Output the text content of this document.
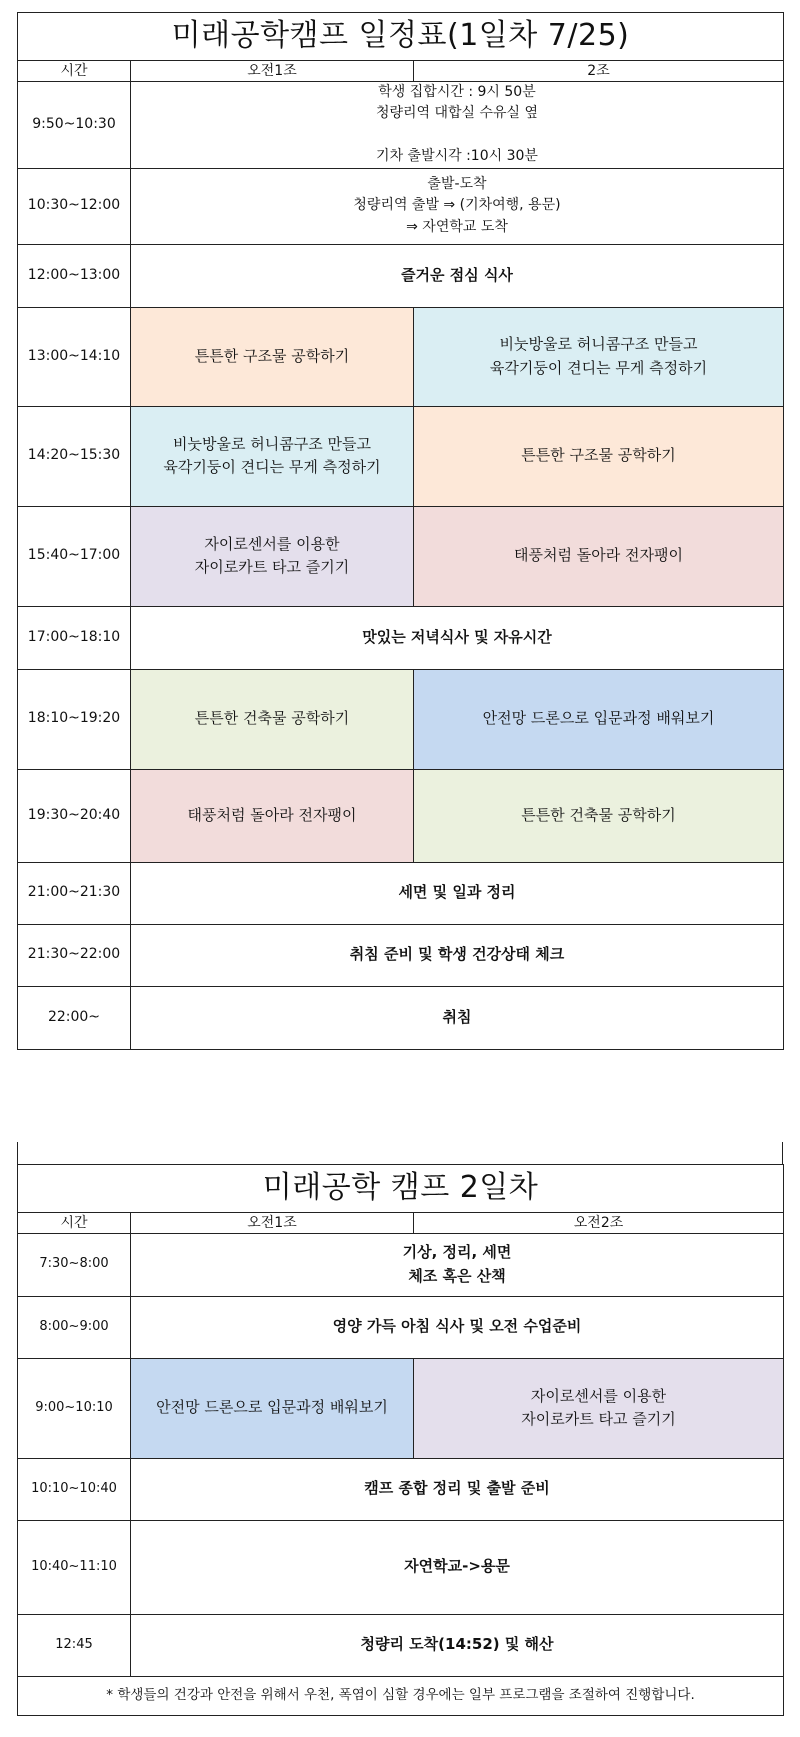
미래공학캠프 일정표(1일차 7/25)		
시간	오전1조	2조
9:50~10:30	학생 집합시간 : 9시 50분
청량리역 대합실 수유실 옆
기차 출발시각 :10시 30분	

10:30~12:00	출발-도착
청량리역 출발 ⇒ (기차여행, 용문)
⇒ 자연학교 도착	

12:00~13:00	즐거운 점심 식사	
13:00~14:10	튼튼한 구조물 공학하기	비눗방울로 허니콤구조 만들고
육각기둥이 견디는 무게 측정하기

14:20~15:30	비눗방울로 허니콤구조 만들고
육각기둥이 견디는 무게 측정하기	튼튼한 구조물 공학하기

15:40~17:00	자이로센서를 이용한
자이로카트 타고 즐기기	태풍처럼 돌아라 전자팽이

17:00~18:10	맛있는 저녁식사 및 자유시간	
18:10~19:20	튼튼한 건축물 공학하기	안전망 드론으로 입문과정 배워보기

19:30~20:40	태풍처럼 돌아라 전자팽이	튼튼한 건축물 공학하기

21:00~21:30	세면 및 일과 정리	
21:30~22:00	취침 준비 및 학생 건강상태 체크	
22:00~	취침	
미래공학 캠프 2일차		
시간	오전1조	오전2조
7:30~8:00	기상, 정리, 세면
체조 혹은 산책	

8:00~9:00	영양 가득 아침 식사 및 오전 수업준비	
9:00~10:10	안전망 드론으로 입문과정 배워보기	자이로센서를 이용한
자이로카트 타고 즐기기

10:10~10:40	캠프 종합 정리 및 출발 준비	
10:40~11:10	자연학교->용문	
12:45	청량리 도착(14:52) 및 해산	
* 학생들의 건강과 안전을 위해서 우천, 폭염이 심할 경우에는 일부 프로그램을 조절하여 진행합니다.		
